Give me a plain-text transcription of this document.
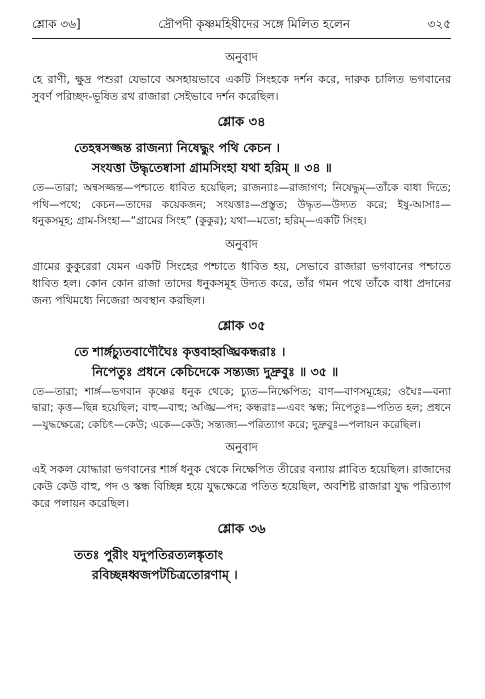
শ্লোক ৩৬]	দ্রৌপদী কৃষ্ণমহিষীদের সঙ্গে মিলিত হলেন	৩২৫
অনুবাদ

হে রাণী, ক্ষুদ্র পশুরা যেভাবে অসহায়ভাবে একটি সিংহকে দর্শন করে, দারুক চালিত ভগবানের সুবর্ণ পরিচ্ছদ-ভূষিত রথ রাজারা সেইভাবে দর্শন করেছিল।

শ্লোক ৩৪
তেহন্বসজ্জন্ত রাজন্যা নিষেদ্ধুং পথি কেচন ।
সংযত্তা উদ্ধৃতেষ্বাসা গ্রামসিংহা যথা হরিম্‌ ॥ ৩৪ ॥

তে—তারা; অন্বসজ্জন্ত—পশ্চাতে ধাবিত হয়েছিল; রাজন্যাঃ—রাজাগণ; নিষেদ্ধুম্‌—তাঁকে বাধা দিতে; পথি—পথে; কেচন—তাদের কয়েকজন; সংযত্তাঃ—প্রস্তুত; উদ্ধৃত—উদ্যত করে; ইষু-আসাঃ—ধনুকসমূহ; গ্রাম-সিংহা—“গ্রামের সিংহ” (কুকুর); যথা—মতো; হরিম্‌—একটি সিংহ।

অনুবাদ

গ্রামের কুকুরেরা যেমন একটি সিংহের পশ্চাতে ধাবিত হয়, সেভাবে রাজারা ভগবানের পশ্চাতে ধাবিত হল। কোন কোন রাজা তাদের ধনুকসমূহ উদ্যত করে, তাঁর গমন পথে তাঁকে বাধা প্রদানের জন্য পথিমধ্যে নিজেরা অবস্থান করছিল।

শ্লোক ৩৫
তে শার্ঙ্গচ্যুতবাণৌঘৈঃ কৃত্তবাহ্বঙ্ঘ্রিকন্ধরাঃ ।
নিপেতুঃ প্রধনে কেচিদেকে সন্ত্যজ্য দুদ্রুবুঃ ॥ ৩৫ ॥

তে—তারা; শার্ঙ্গ—ভগবান কৃষ্ণের ধনুক থেকে; চ্যুত—নিক্ষেপিত; বাণ—বাণসমূহের; ওঘৈঃ—বন্যা দ্বারা; কৃত্ত—ছিন্ন হয়েছিল; বাহু—বাহু; অঙ্ঘ্রি—পদ; কন্ধরাঃ—এবং স্কন্ধ; নিপেতুঃ—পতিত হল; প্রধনে—যুদ্ধক্ষেত্রে; কেচিৎ—কেউ; একে—কেউ; সন্ত্যজ্য—পরিত্যাগ করে; দুদ্রুবুঃ—পলায়ন করেছিল।

অনুবাদ

এই সকল যোদ্ধারা ভগবানের শার্ঙ্গ ধনুক থেকে নিক্ষেপিত তীরের বন্যায় প্লাবিত হয়েছিল। রাজাদের কেউ কেউ বাহু, পদ ও স্কন্ধ বিচ্ছিন্ন হয়ে যুদ্ধক্ষেত্রে পতিত হয়েছিল, অবশিষ্ট রাজারা যুদ্ধ পরিত্যাগ করে পলায়ন করেছিল।

শ্লোক ৩৬
ততঃ পুরীং যদুপতিরত্যলঙ্কৃতাং
রবিচ্ছন্নধ্বজপটচিত্রতোরণাম্‌ ।
